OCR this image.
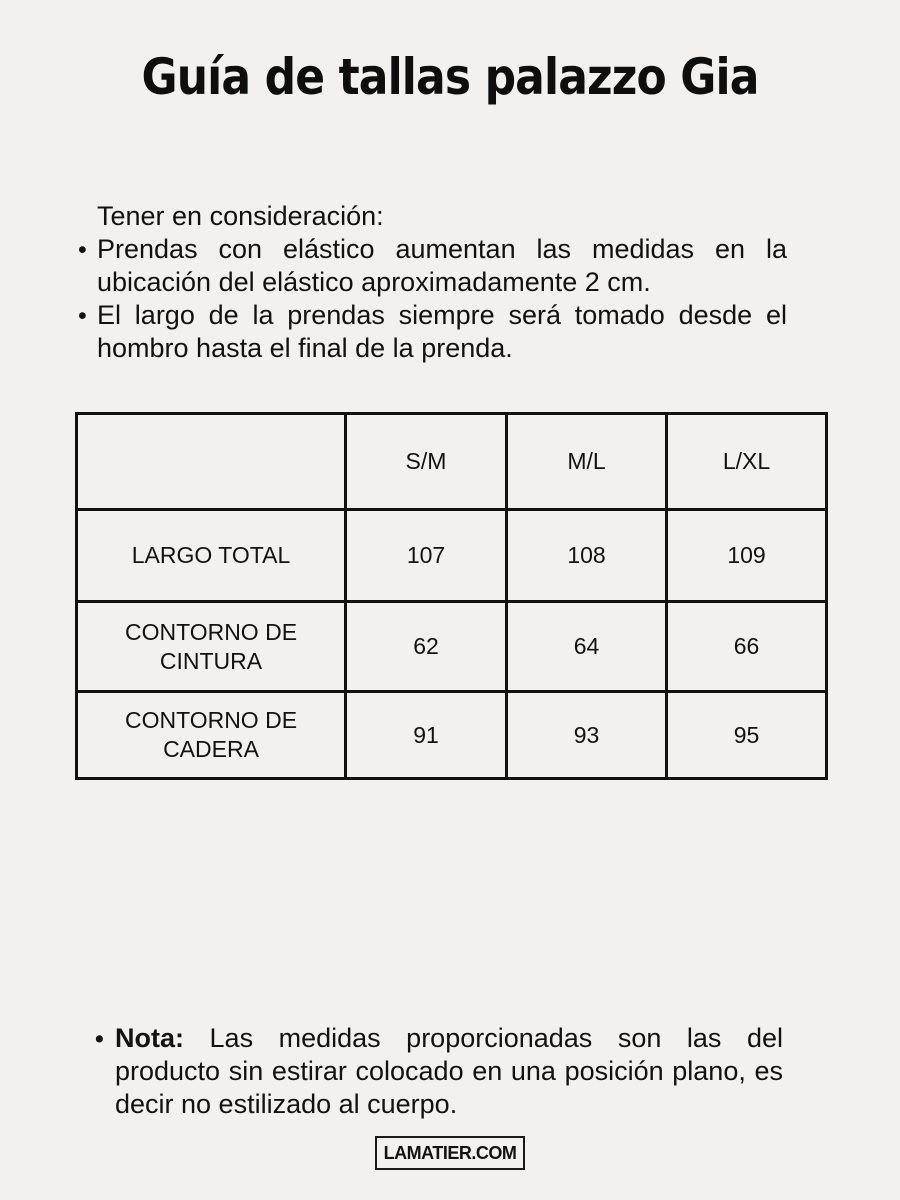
Guía de tallas palazzo Gia

Tener en consideración:

• Prendas con elástico aumentan las medidas en la ubicación del elástico aproximadamente 2 cm.
• El largo de la prendas siempre será tomado desde el hombro hasta el final de la prenda.
	S/M	M/L	L/XL
LARGO TOTAL	107	108	109
CONTORNO DE CINTURA	62	64	66
CONTORNO DE CADERA	91	93	95

• Nota: Las medidas proporcionadas son las del producto sin estirar colocado en una posición plano, es decir no estilizado al cuerpo.

LAMATIER.COM
